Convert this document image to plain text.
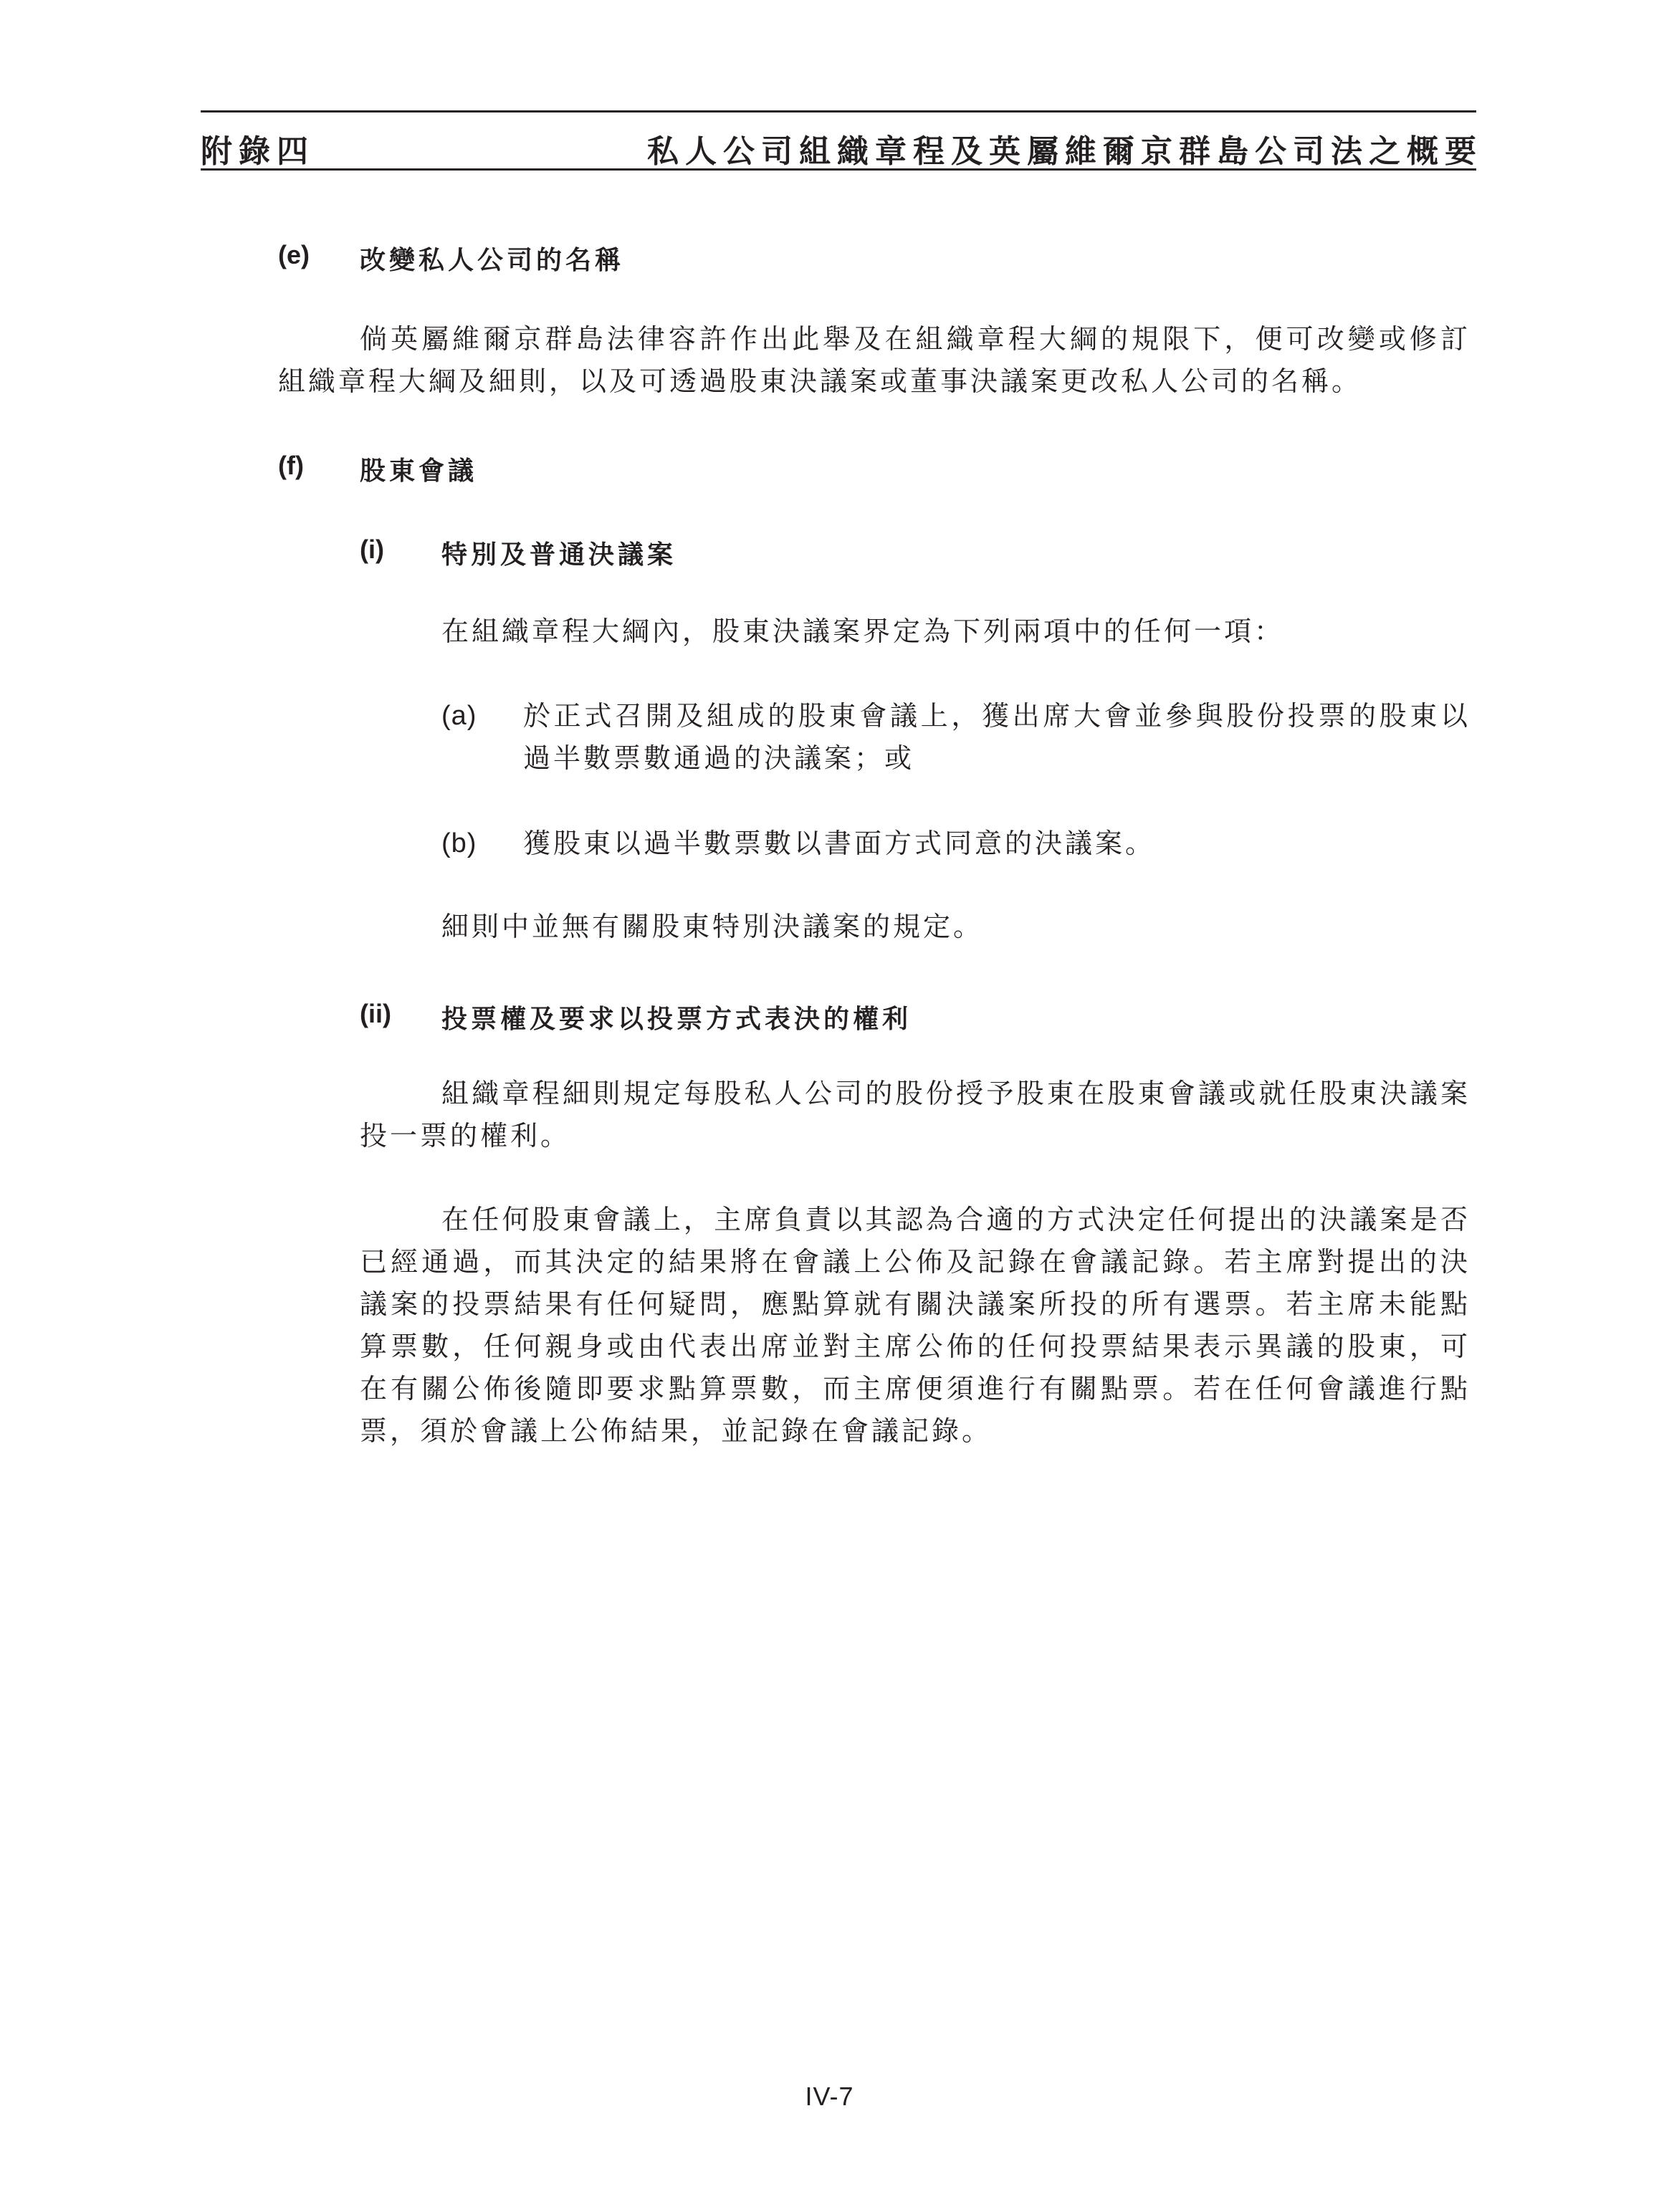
附錄四	私人公司組織章程及英屬維爾京群島公司法之概要
(e) 改變私人公司的名稱

倘英屬維爾京群島法律容許作出此舉及在組織章程大綱的規限下，便可改變或修訂組織章程大綱及細則，以及可透過股東決議案或董事決議案更改私人公司的名稱。

(f) 股東會議
(i) 特別及普通決議案

在組織章程大綱內，股東決議案界定為下列兩項中的任何一項：

(a) 於正式召開及組成的股東會議上，獲出席大會並參與股份投票的股東以過半數票數通過的決議案；或
(b) 獲股東以過半數票數以書面方式同意的決議案。

細則中並無有關股東特別決議案的規定。

(ii) 投票權及要求以投票方式表決的權利

組織章程細則規定每股私人公司的股份授予股東在股東會議或就任股東決議案投一票的權利。

在任何股東會議上，主席負責以其認為合適的方式決定任何提出的決議案是否已經通過，而其決定的結果將在會議上公佈及記錄在會議記錄。若主席對提出的決議案的投票結果有任何疑問，應點算就有關決議案所投的所有選票。若主席未能點算票數，任何親身或由代表出席並對主席公佈的任何投票結果表示異議的股東，可在有關公佈後隨即要求點算票數，而主席便須進行有關點票。若在任何會議進行點票，須於會議上公佈結果，並記錄在會議記錄。

IV-7
